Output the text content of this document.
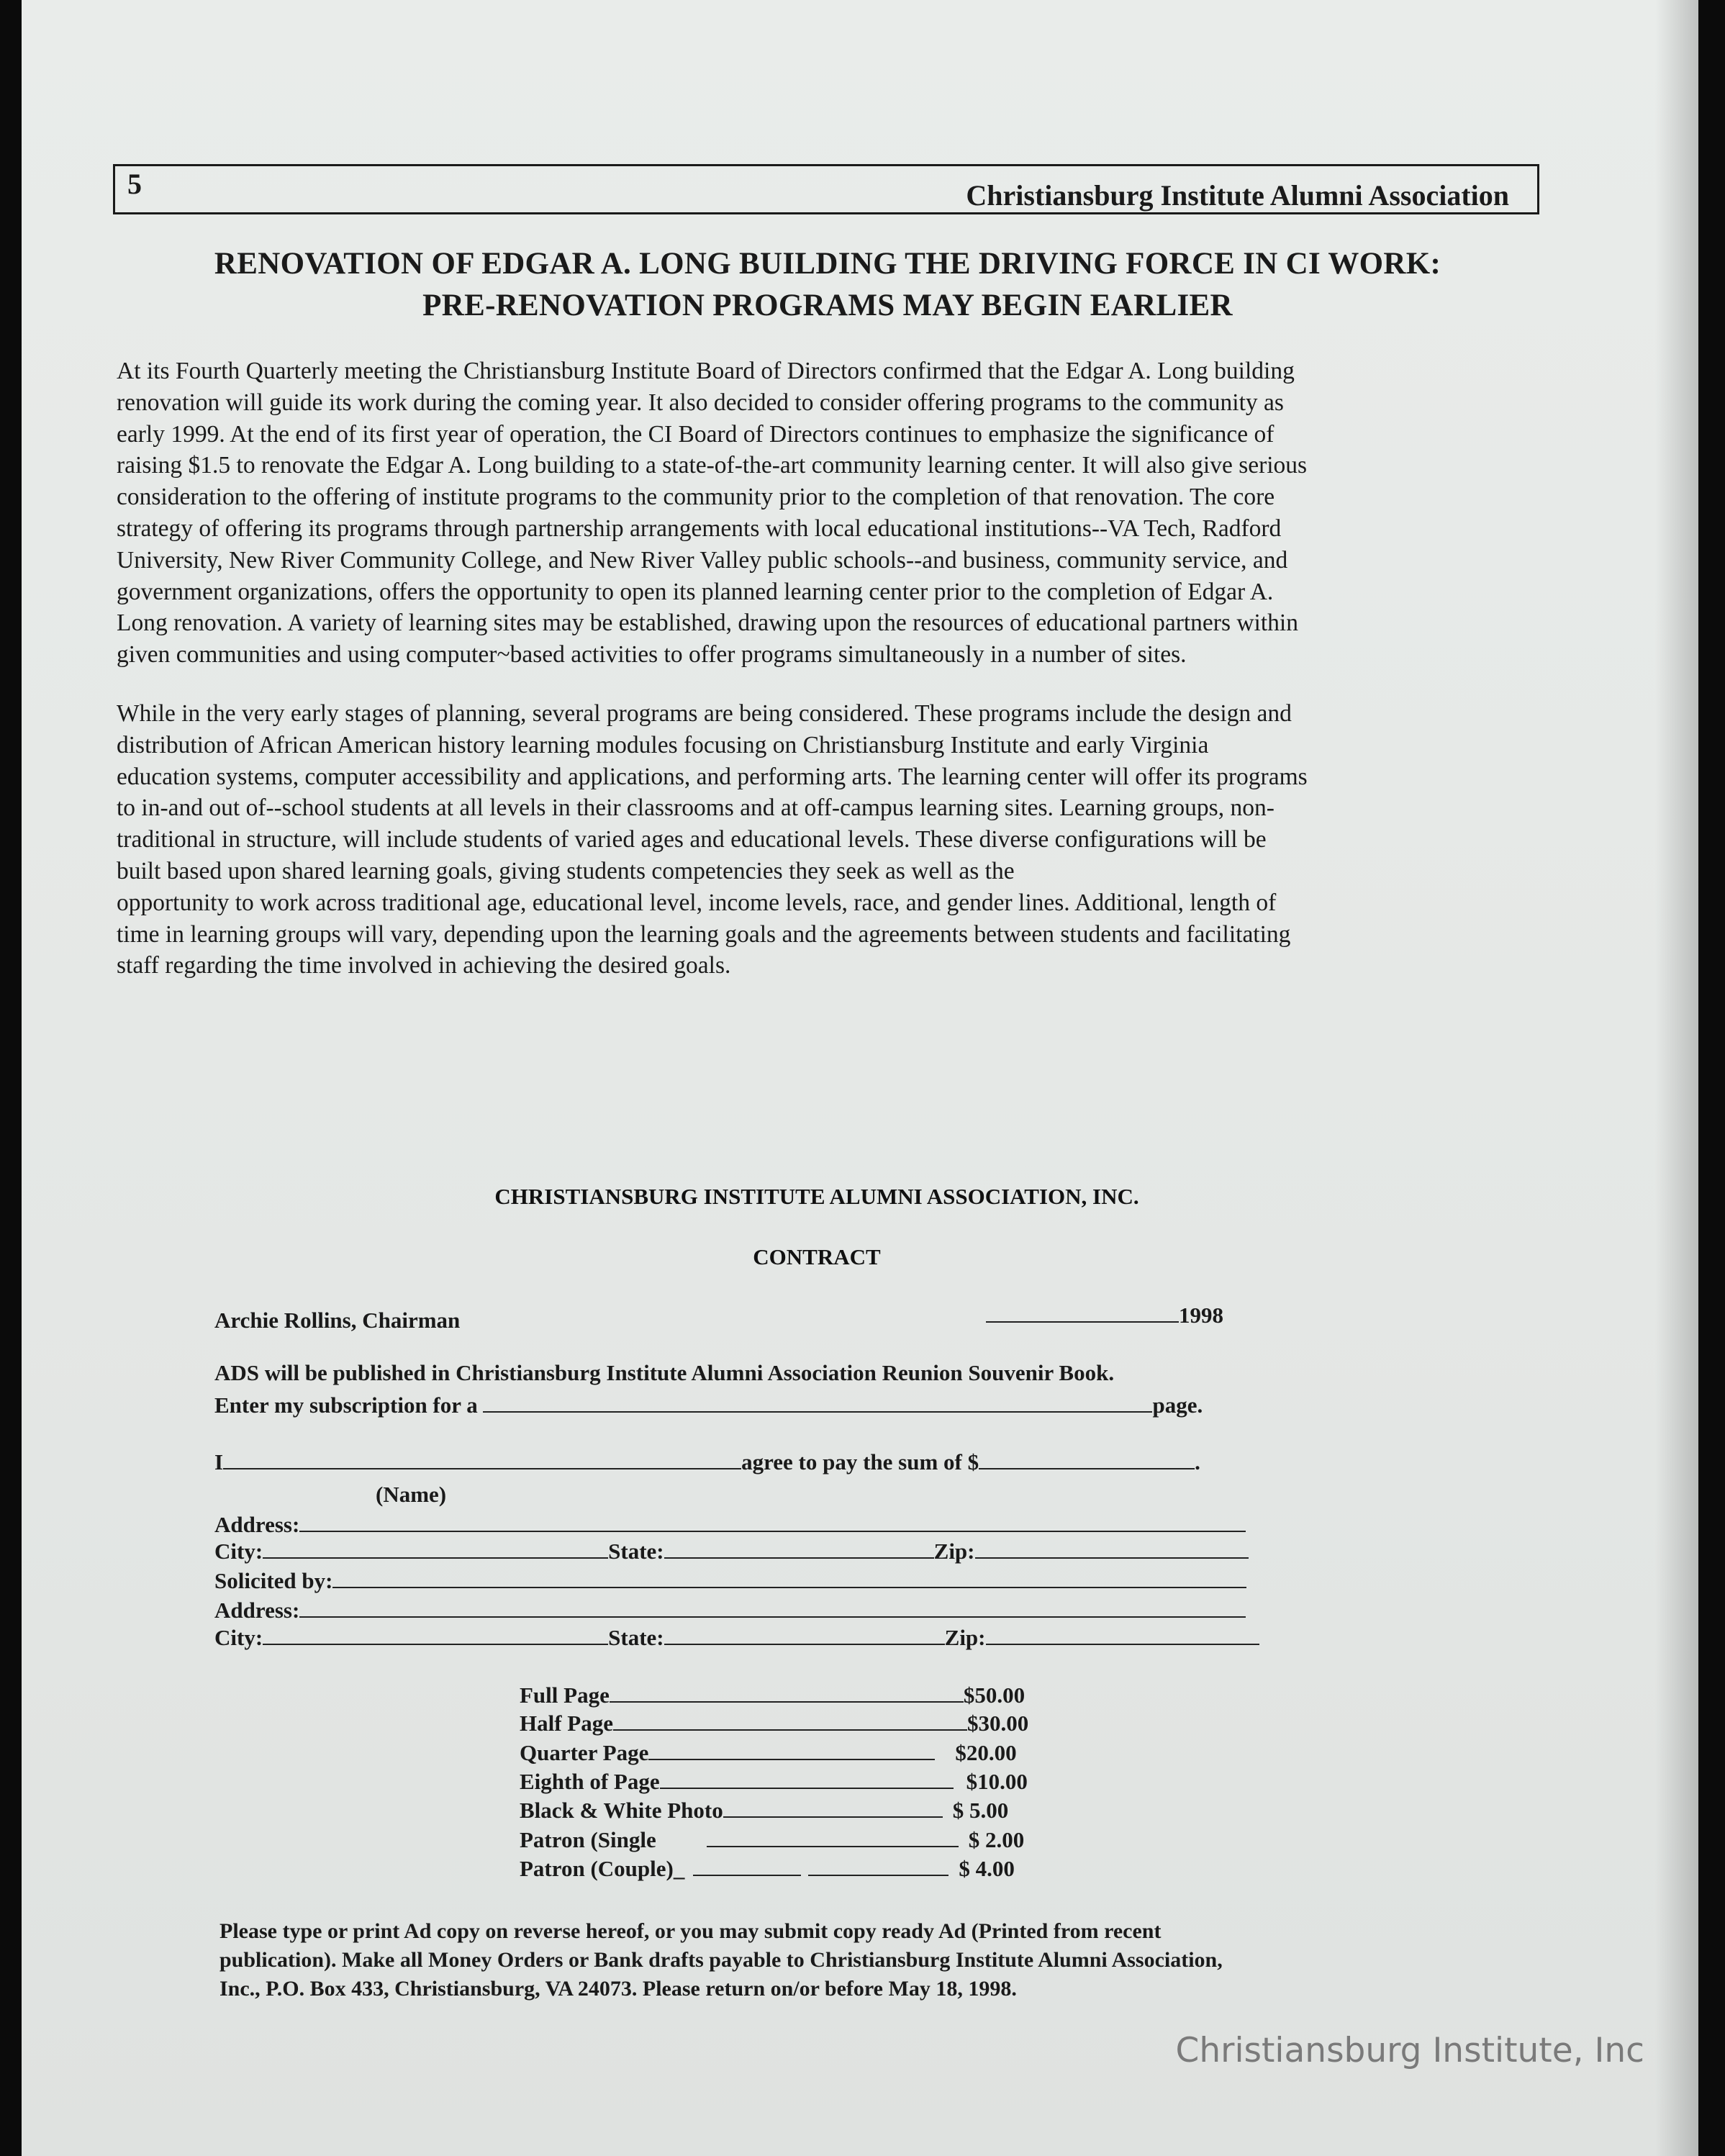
5	Christiansburg Institute Alumni Association
RENOVATION OF EDGAR A. LONG BUILDING THE DRIVING FORCE IN CI WORK:
PRE-RENOVATION PROGRAMS MAY BEGIN EARLIER
At its Fourth Quarterly meeting the Christiansburg Institute Board of Directors confirmed that the Edgar A. Long building
renovation will guide its work during the coming year. It also decided to consider offering programs to the community as
early 1999. At the end of its first year of operation, the CI Board of Directors continues to emphasize the significance of
raising $1.5 to renovate the Edgar A. Long building to a state-of-the-art community learning center. It will also give serious
consideration to the offering of institute programs to the community prior to the completion of that renovation. The core
strategy of offering its programs through partnership arrangements with local educational institutions--VA Tech, Radford
University, New River Community College, and New River Valley public schools--and business, community service, and
government organizations, offers the opportunity to open its planned learning center prior to the completion of Edgar A.
Long renovation. A variety of learning sites may be established, drawing upon the resources of educational partners within
given communities and using computer~based activities to offer programs simultaneously in a number of sites.
While in the very early stages of planning, several programs are being considered. These programs include the design and
distribution of African American history learning modules focusing on Christiansburg Institute and early Virginia
education systems, computer accessibility and applications, and performing arts. The learning center will offer its programs
to in-and out of--school students at all levels in their classrooms and at off-campus learning sites. Learning groups, non-
traditional in structure, will include students of varied ages and educational levels. These diverse configurations will be
built based upon shared learning goals, giving students competencies they seek as well as the
opportunity to work across traditional age, educational level, income levels, race, and gender lines. Additional, length of
time in learning groups will vary, depending upon the learning goals and the agreements between students and facilitating
staff regarding the time involved in achieving the desired goals.
CHRISTIANSBURG INSTITUTE ALUMNI ASSOCIATION, INC.
CONTRACT
Archie Rollins, Chairman	1998
ADS will be published in Christiansburg Institute Alumni Association Reunion Souvenir Book.
Enter my subscription for a	page.
I	agree to pay the sum of $	.
(Name)
Address:
City:	State:	Zip:
Solicited by:
Address:
City:	State:	Zip:
Full Page	$50.00
Half Page	$30.00
Quarter Page	$20.00
Eighth of Page	$10.00
Black & White Photo	$ 5.00
Patron (Single	$ 2.00
Patron (Couple)_	$ 4.00
Please type or print Ad copy on reverse hereof, or you may submit copy ready Ad (Printed from recent
publication). Make all Money Orders or Bank drafts payable to Christiansburg Institute Alumni Association,
Inc., P.O. Box 433, Christiansburg, VA 24073. Please return on/or before May 18, 1998.
Christiansburg Institute, Inc
